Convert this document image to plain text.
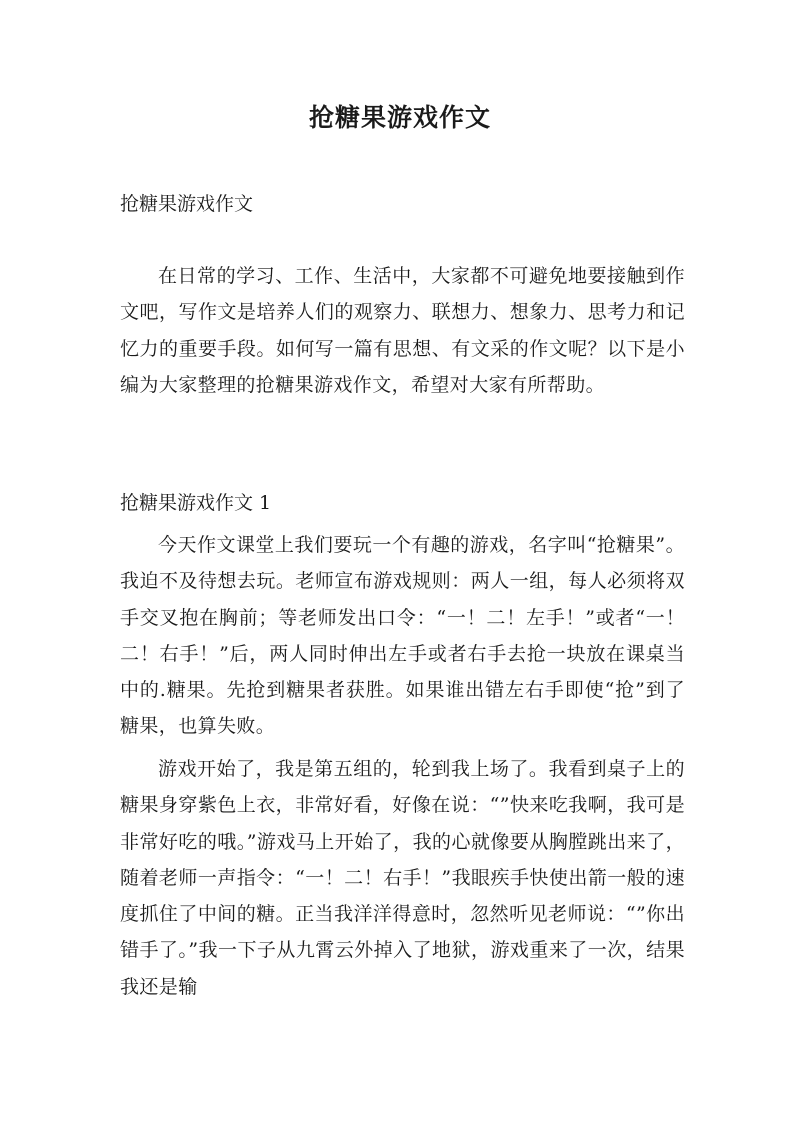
抢糖果游戏作文

抢糖果游戏作文

在日常的学习、工作、生活中，大家都不可避免地要接触到作文吧，写作文是培养人们的观察力、联想力、想象力、思考力和记忆力的重要手段。如何写一篇有思想、有文采的作文呢？以下是小编为大家整理的抢糖果游戏作文，希望对大家有所帮助。

抢糖果游戏作文 1

今天作文课堂上我们要玩一个有趣的游戏，名字叫“抢糖果”。我迫不及待想去玩。老师宣布游戏规则：两人一组，每人必须将双手交叉抱在胸前；等老师发出口令：“一！二！左手！”或者“一！二！右手！”后，两人同时伸出左手或者右手去抢一块放在课桌当中的.糖果。先抢到糖果者获胜。如果谁出错左右手即使“抢”到了糖果，也算失败。

游戏开始了，我是第五组的，轮到我上场了。我看到桌子上的糖果身穿紫色上衣，非常好看，好像在说：“”快来吃我啊，我可是非常好吃的哦。”游戏马上开始了，我的心就像要从胸膛跳出来了，随着老师一声指令：“一！二！右手！”我眼疾手快使出箭一般的速度抓住了中间的糖。正当我洋洋得意时，忽然听见老师说：“”你出错手了。”我一下子从九霄云外掉入了地狱，游戏重来了一次，结果我还是输
